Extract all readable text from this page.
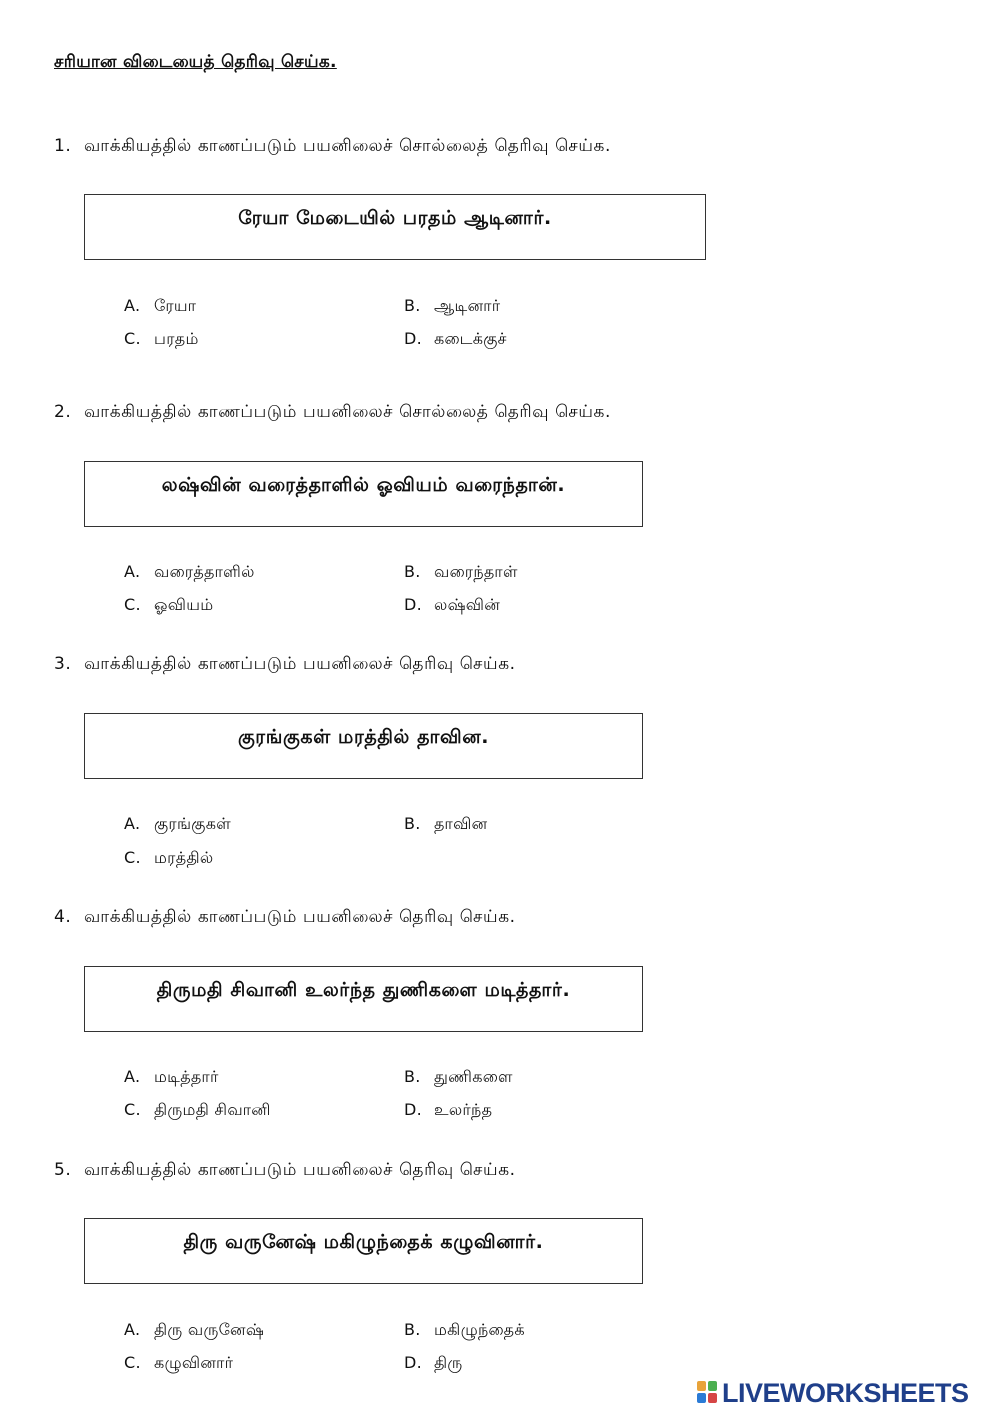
சரியான விடையைத் தெரிவு செய்க.
1. வாக்கியத்தில் காணப்படும் பயனிலைச் சொல்லைத் தெரிவு செய்க.
ரேயா மேடையில் பரதம் ஆடினார்.
A. ரேயா	B. ஆடினார்
C. பரதம்	D. கடைக்குச்
2. வாக்கியத்தில் காணப்படும் பயனிலைச் சொல்லைத் தெரிவு செய்க.
லஷ்வின் வரைத்தாளில் ஓவியம் வரைந்தான்.
A. வரைத்தாளில்	B. வரைந்தாள்
C. ஓவியம்	D. லஷ்வின்
3. வாக்கியத்தில் காணப்படும் பயனிலைச் தெரிவு செய்க.
குரங்குகள் மரத்தில் தாவின.
A. குரங்குகள்	B. தாவின
C. மரத்தில்
4. வாக்கியத்தில் காணப்படும் பயனிலைச் தெரிவு செய்க.
திருமதி சிவானி உலர்ந்த துணிகளை மடித்தார்.
A. மடித்தார்	B. துணிகளை
C. திருமதி சிவானி	D. உலர்ந்த
5. வாக்கியத்தில் காணப்படும் பயனிலைச் தெரிவு செய்க.
திரு வருனேஷ் மகிழுந்தைக் கழுவினார்.
A. திரு வருனேஷ்	B. மகிழுந்தைக்
C. கழுவினார்	D. திரு
LIVEWORKSHEETS
